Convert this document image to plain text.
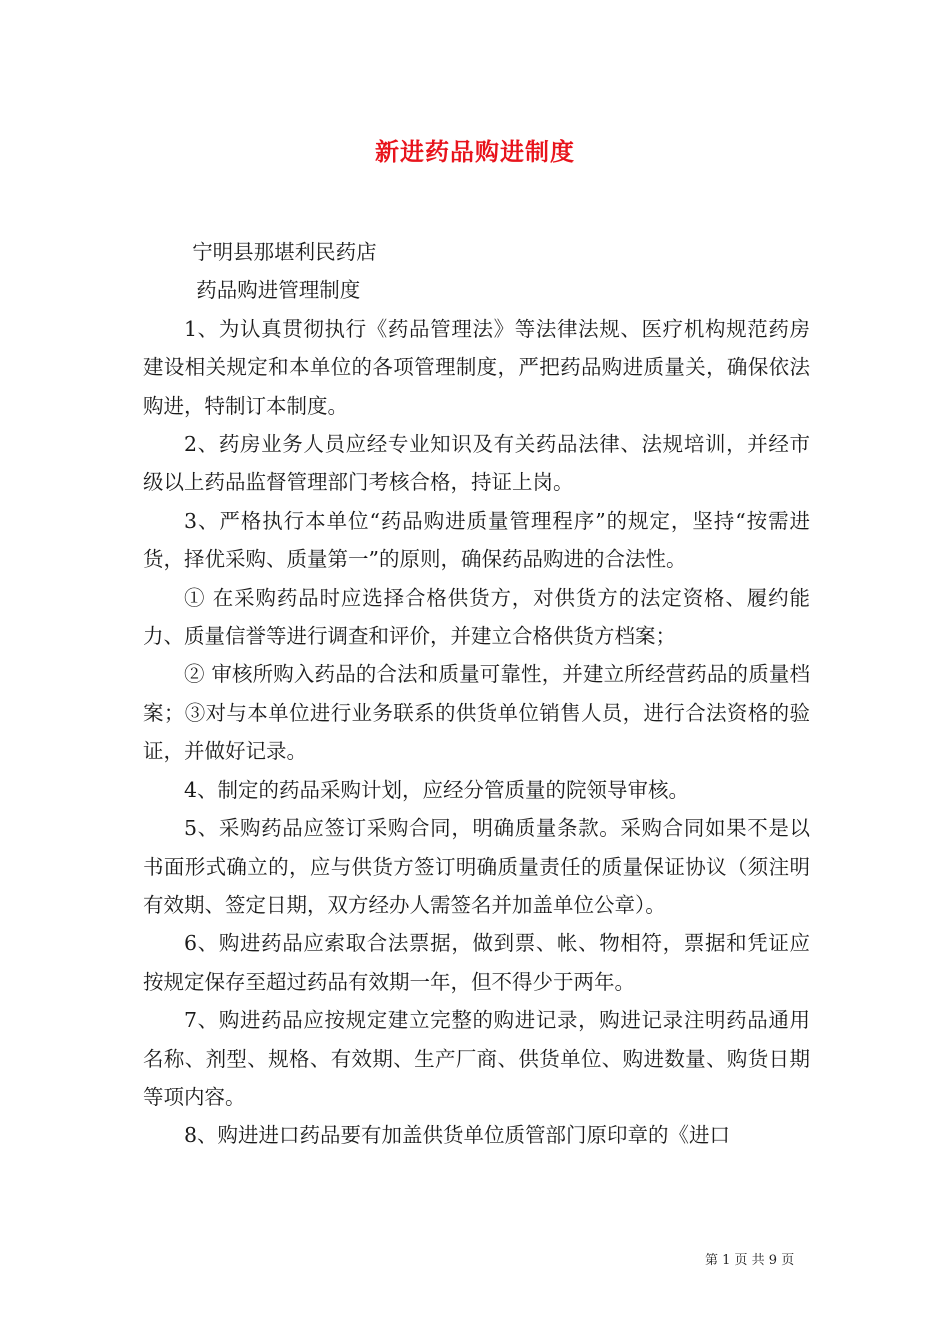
新进药品购进制度

宁明县那堪利民药店

药品购进管理制度

1、为认真贯彻执行《药品管理法》等法律法规、医疗机构规范药房建设相关规定和本单位的各项管理制度，严把药品购进质量关，确保依法购进，特制订本制度。

2、药房业务人员应经专业知识及有关药品法律、法规培训，并经市级以上药品监督管理部门考核合格，持证上岗。

3、严格执行本单位“药品购进质量管理程序”的规定，坚持“按需进货，择优采购、质量第一”的原则，确保药品购进的合法性。

① 在采购药品时应选择合格供货方，对供货方的法定资格、履约能力、质量信誉等进行调查和评价，并建立合格供货方档案；

② 审核所购入药品的合法和质量可靠性，并建立所经营药品的质量档案；③对与本单位进行业务联系的供货单位销售人员，进行合法资格的验证，并做好记录。

4、制定的药品采购计划，应经分管质量的院领导审核。

5、采购药品应签订采购合同，明确质量条款。采购合同如果不是以书面形式确立的，应与供货方签订明确质量责任的质量保证协议（须注明有效期、签定日期，双方经办人需签名并加盖单位公章）。

6、购进药品应索取合法票据，做到票、帐、物相符，票据和凭证应按规定保存至超过药品有效期一年，但不得少于两年。

7、购进药品应按规定建立完整的购进记录，购进记录注明药品通用名称、剂型、规格、有效期、生产厂商、供货单位、购进数量、购货日期等项内容。

8、购进进口药品要有加盖供货单位质管部门原印章的《进口

第 1 页 共 9 页
